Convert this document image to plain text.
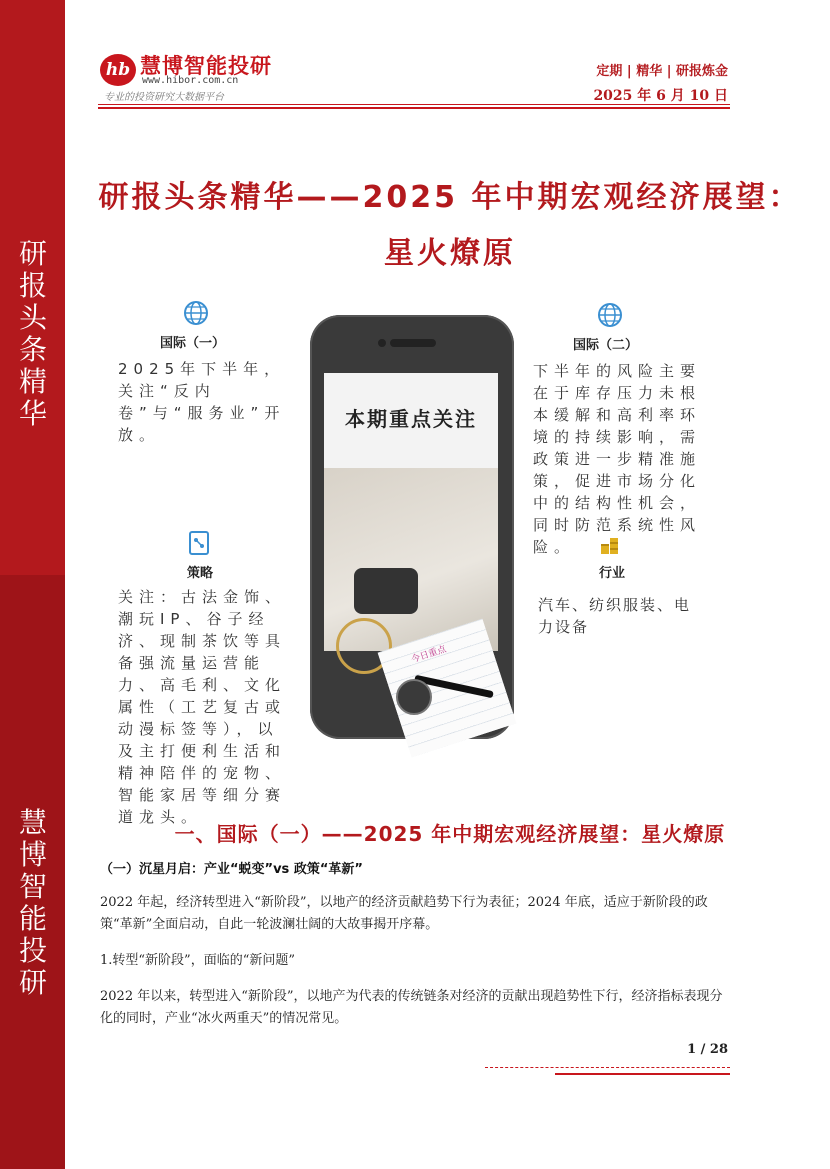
研报头条精华
慧博智能投研
hb 慧博智能投研
www.hibor.com.cn
专业的投资研究大数据平台
定期 | 精华 | 研报炼金
2025 年 6 月 10 日
研报头条精华——2025 年中期宏观经济展望：
星火燎原
本期重点关注
今日重点
国际（一）
2025年下半年，关注“反内卷”与“服务业”开放。
国际（二）
下半年的风险主要在于库存压力未根本缓解和高利率环境的持续影响，需政策进一步精准施策，促进市场分化中的结构性机会，同时防范系统性风险。
策略
关注：古法金饰、潮玩IP、谷子经济、现制茶饮等具备强流量运营能力、高毛利、文化属性（工艺复古或动漫标签等），以及主打便利生活和精神陪伴的宠物、智能家居等细分赛道龙头。
行业
汽车、纺织服装、电力设备
一、国际（一）——2025 年中期宏观经济展望：星火燎原
（一）沉星月启：产业“蜕变”vs 政策“革新”
2022 年起，经济转型进入“新阶段”，以地产的经济贡献趋势下行为表征；2024 年底，适应于新阶段的政策“革新”全面启动，自此一轮波澜壮阔的大故事揭开序幕。
1.转型“新阶段”，面临的“新问题”
2022 年以来，转型进入“新阶段”，以地产为代表的传统链条对经济的贡献出现趋势性下行，经济指标表现分化的同时，产业“冰火两重天”的情况常见。
1 / 28
